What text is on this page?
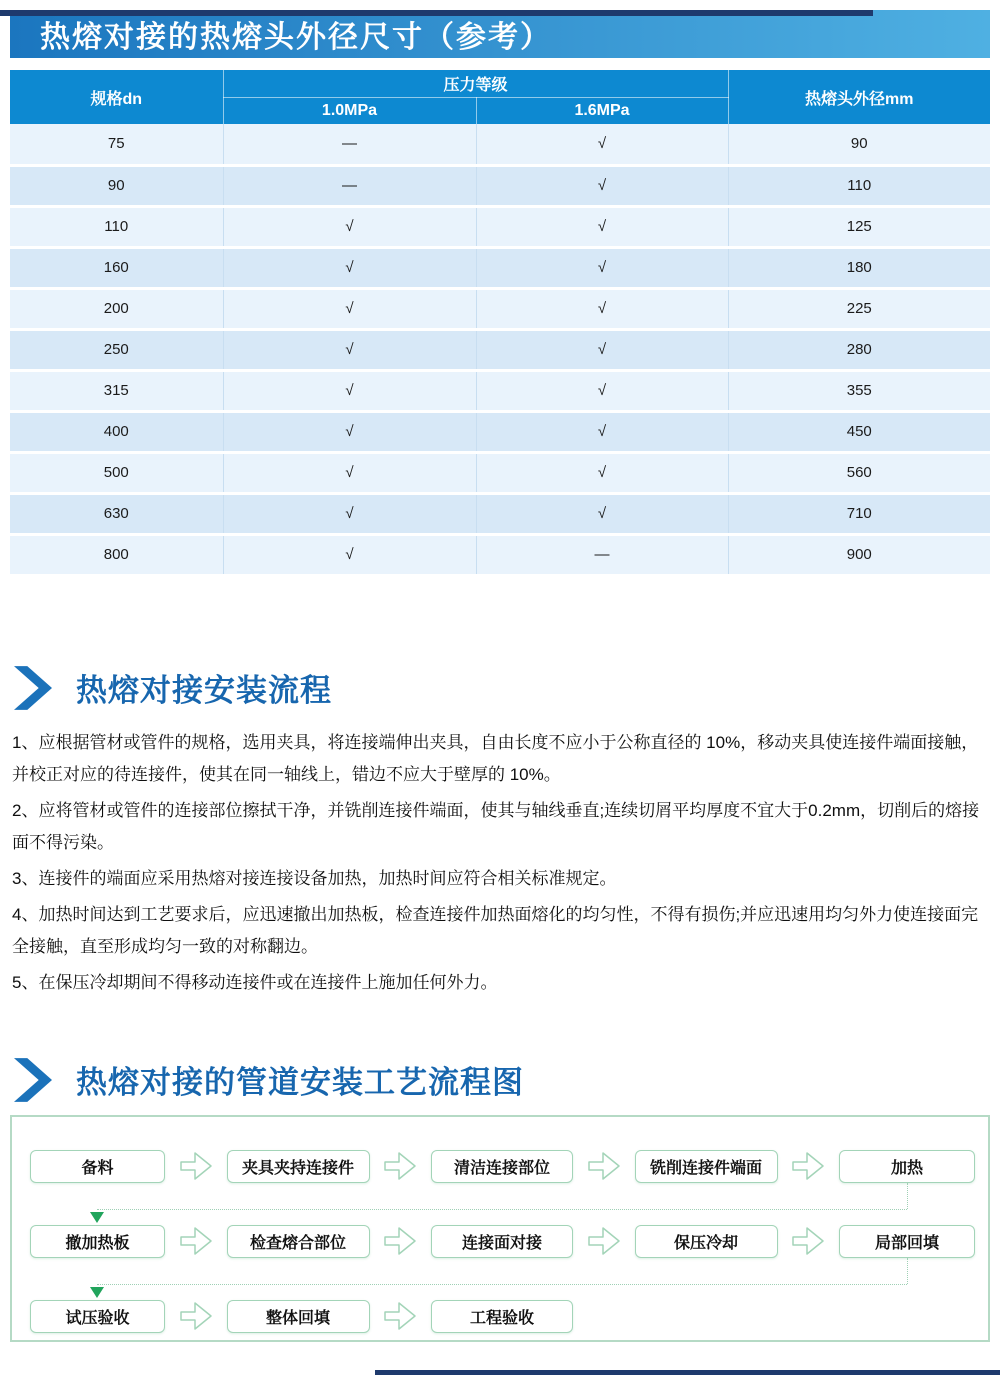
热熔对接的热熔头外径尺寸（参考）
规格dn	压力等级		热熔头外径mm
	1.0MPa	1.6MPa	
75	—	√	90
90	—	√	110
110	√	√	125
160	√	√	180
200	√	√	225
250	√	√	280
315	√	√	355
400	√	√	450
500	√	√	560
630	√	√	710
800	√	—	900
热熔对接安装流程

1、应根据管材或管件的规格，选用夹具，将连接端伸出夹具，自由长度不应小于公称直径的 10%，移动夹具使连接件端面接触，并校正对应的待连接件，使其在同一轴线上，错边不应大于壁厚的 10%。

2、应将管材或管件的连接部位擦拭干净，并铣削连接件端面，使其与轴线垂直;连续切屑平均厚度不宜大于0.2mm，切削后的熔接面不得污染。

3、连接件的端面应采用热熔对接连接设备加热，加热时间应符合相关标准规定。

4、加热时间达到工艺要求后，应迅速撤出加热板，检查连接件加热面熔化的均匀性，不得有损伤;并应迅速用均匀外力使连接面完全接触，直至形成均匀一致的对称翻边。

5、在保压冷却期间不得移动连接件或在连接件上施加任何外力。

热熔对接的管道安装工艺流程图
备料	夹具夹持连接件	清洁连接部位	铣削连接件端面	加热
撤加热板	检查熔合部位	连接面对接	保压冷却	局部回填
试压验收	整体回填	工程验收
